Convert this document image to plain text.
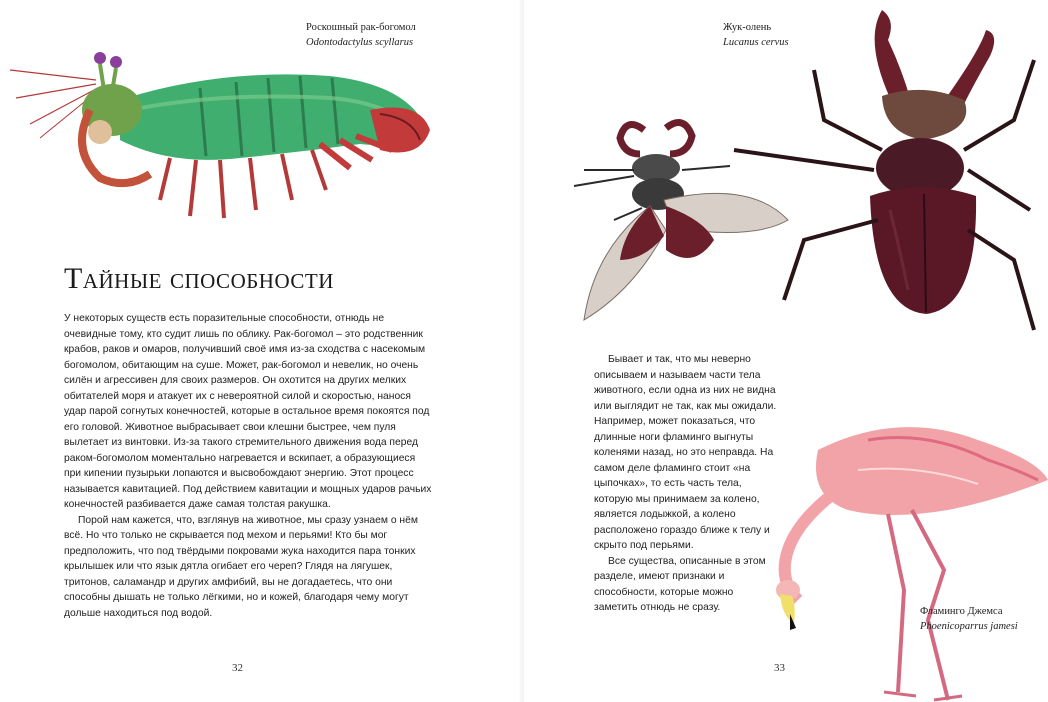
Роскошный рак-богомол
Odontodactylus scyllarus
Тайные способности

У некоторых существ есть поразительные способности, отнюдь не очевидные тому, кто судит лишь по облику. Рак-богомол – это родственник крабов, раков и омаров, получивший своё имя из-за сходства с насекомым богомолом, обитающим на суше. Может, рак-богомол и невелик, но очень силён и агрессивен для своих размеров. Он охотится на других мелких обитателей моря и атакует их с невероятной силой и скоростью, нанося удар парой согнутых конечностей, которые в остальное время покоятся под его головой. Животное выбрасывает свои клешни быстрее, чем пуля вылетает из винтовки. Из-за такого стремительного движения вода перед раком-богомолом моментально нагревается и вскипает, а образующиеся при кипении пузырьки лопаются и высвобождают энергию. Этот процесс называется кавитацией. Под действием кавитации и мощных ударов рачьих конечностей разбивается даже самая толстая ракушка.

Порой нам кажется, что, взглянув на животное, мы сразу узнаем о нём всё. Но что только не скрывается под мехом и перьями! Кто бы мог предположить, что под твёрдыми покровами жука находится пара тонких крылышек или что язык дятла огибает его череп? Глядя на лягушек, тритонов, саламандр и других амфибий, вы не догадаетесь, что они способны дышать не только лёгкими, но и кожей, благодаря чему могут дольше находиться под водой.

32
Жук-олень
Lucanus cervus

Бывает и так, что мы неверно описываем и называем части тела животного, если одна из них не видна или выглядит не так, как мы ожидали. Например, может показаться, что длинные ноги фламинго выгнуты коленями назад, но это неправда. На самом деле фламинго стоит «на цыпочках», то есть часть тела, которую мы принимаем за колено, является лодыжкой, а колено расположено гораздо ближе к телу и скрыто под перьями.

Все существа, описанные в этом разделе, имеют признаки и способности, которые можно заметить отнюдь не сразу.	Фламинго Джемса
Phoenicoparrus jamesi
33
